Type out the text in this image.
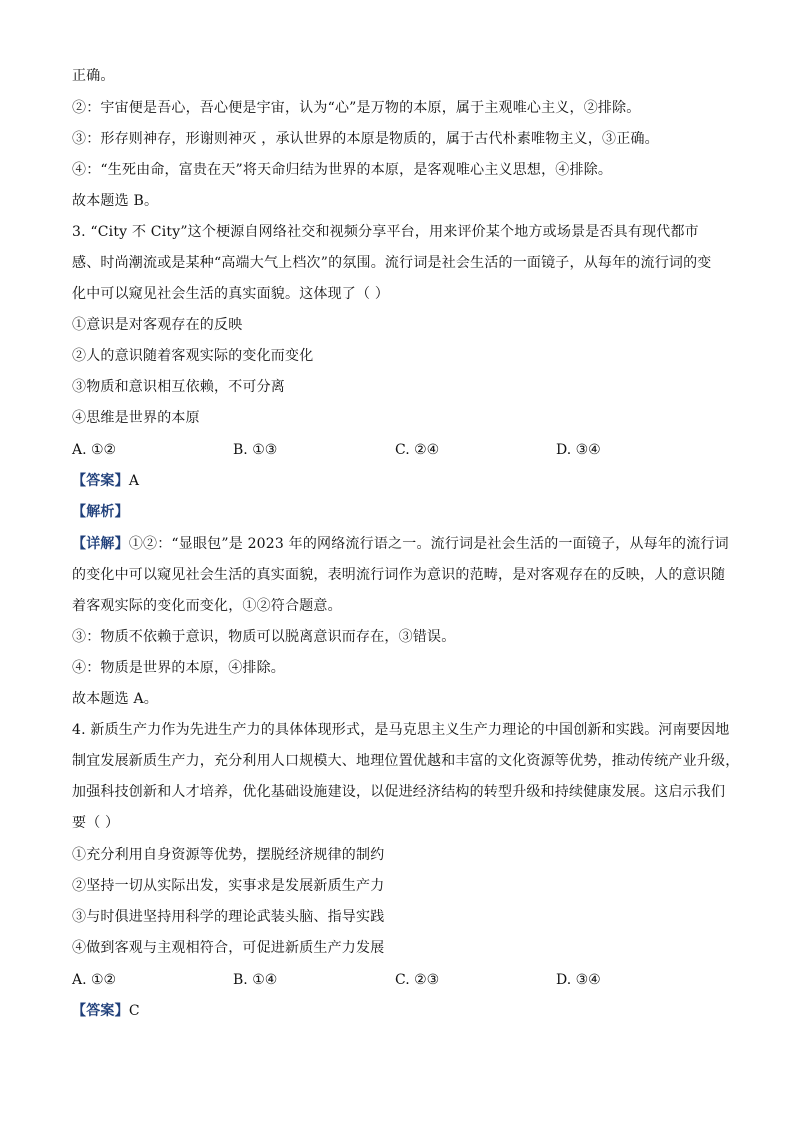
正确。
②：宇宙便是吾心，吾心便是宇宙，认为“心”是万物的本原，属于主观唯心主义，②排除。
③：形存则神存，形谢则神灭 ，承认世界的本原是物质的，属于古代朴素唯物主义，③正确。
④：“生死由命，富贵在天”将天命归结为世界的本原，是客观唯心主义思想，④排除。
故本题选 B。
3. “City 不 City”这个梗源自网络社交和视频分享平台，用来评价某个地方或场景是否具有现代都市
感、时尚潮流或是某种“高端大气上档次”的氛围。流行词是社会生活的一面镜子，从每年的流行词的变
化中可以窥见社会生活的真实面貌。这体现了（ ）
①意识是对客观存在的反映
②人的意识随着客观实际的变化而变化
③物质和意识相互依赖，不可分离
④思维是世界的本原
A. ①②	B. ①③	C. ②④	D. ③④
【答案】A
【解析】
【详解】①②：“显眼包”是 2023 年的网络流行语之一。流行词是社会生活的一面镜子，从每年的流行词
的变化中可以窥见社会生活的真实面貌，表明流行词作为意识的范畴，是对客观存在的反映，人的意识随
着客观实际的变化而变化，①②符合题意。
③：物质不依赖于意识，物质可以脱离意识而存在，③错误。
④：物质是世界的本原，④排除。
故本题选 A。
4. 新质生产力作为先进生产力的具体体现形式，是马克思主义生产力理论的中国创新和实践。河南要因地
制宜发展新质生产力，充分利用人口规模大、地理位置优越和丰富的文化资源等优势，推动传统产业升级，
加强科技创新和人才培养，优化基础设施建设，以促进经济结构的转型升级和持续健康发展。这启示我们
要（ ）
①充分利用自身资源等优势，摆脱经济规律的制约
②坚持一切从实际出发，实事求是发展新质生产力
③与时俱进坚持用科学的理论武装头脑、指导实践
④做到客观与主观相符合，可促进新质生产力发展
A. ①②	B. ①④	C. ②③	D. ③④
【答案】C
